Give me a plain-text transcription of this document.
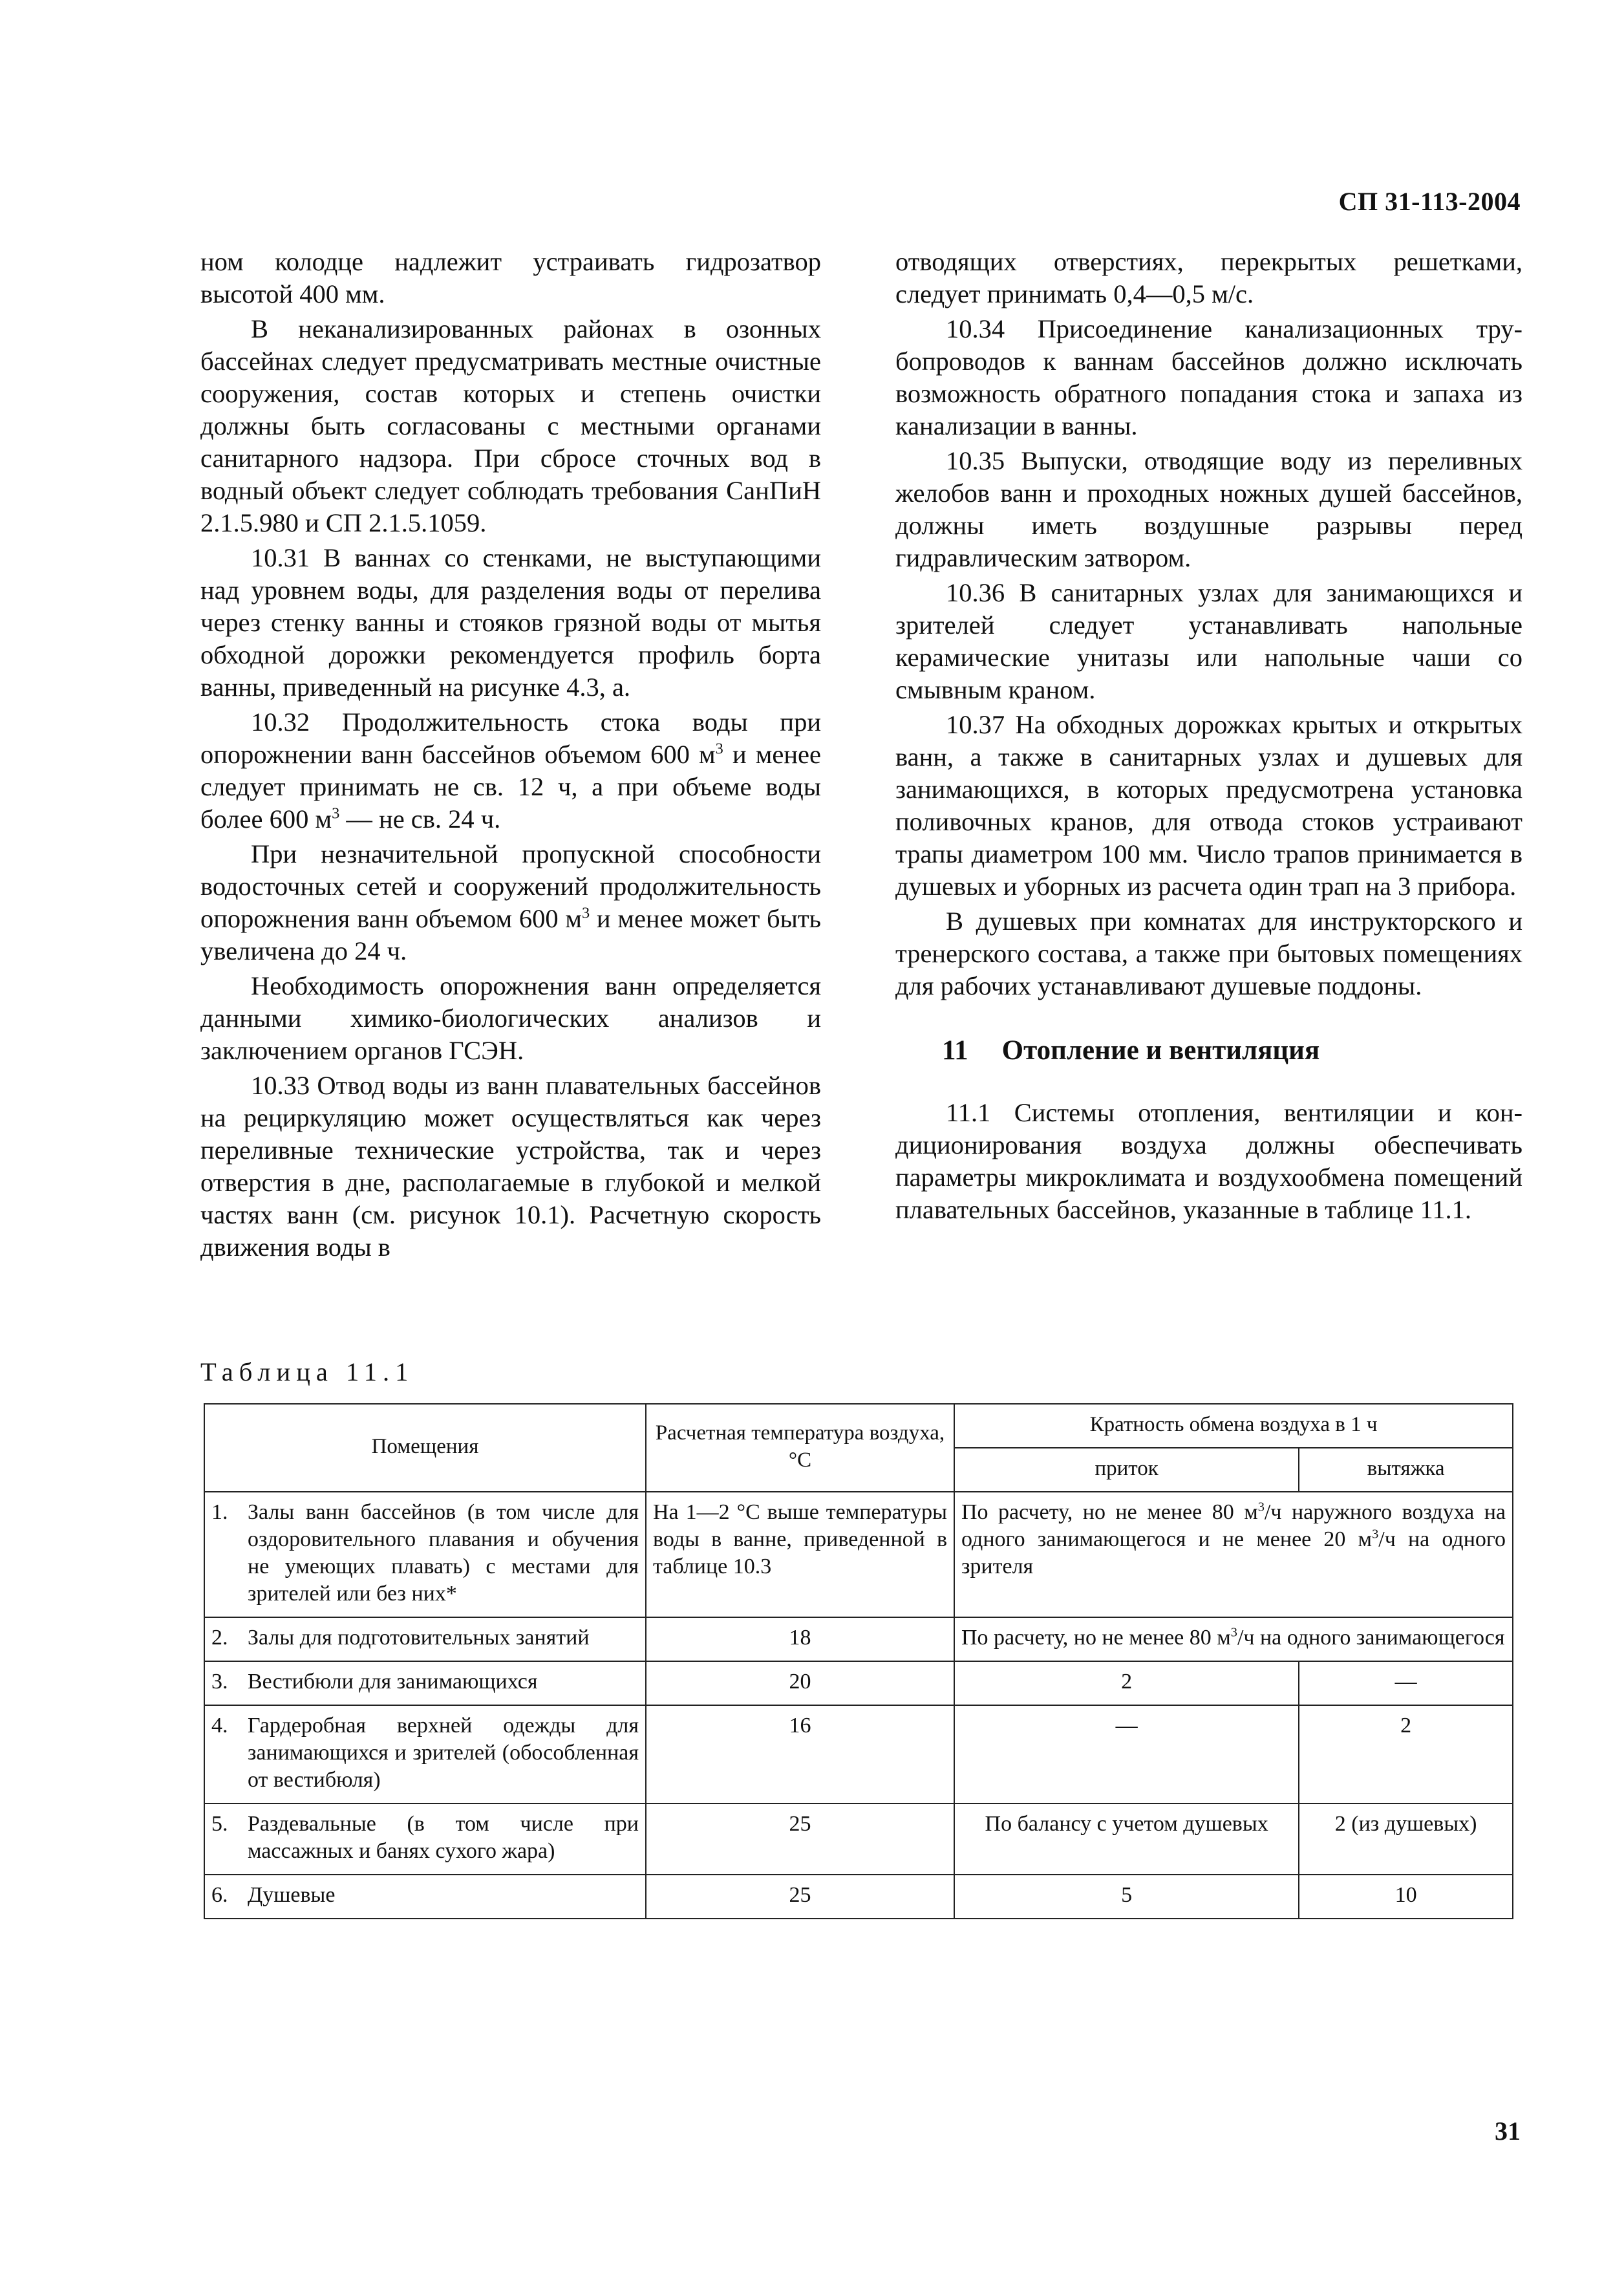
СП 31-113-2004

ном колодце надлежит устраивать гидрозатвор высотой 400 мм.

В неканализированных районах в озонных бассейнах следует предусматривать местные очистные сооружения, состав которых и степень очистки должны быть согласованы с местными органами санитарного надзора. При сбросе сточных вод в водный объект следует соблюдать требования СанПиН 2.1.5.980 и СП 2.1.5.1059.

10.31 В ваннах со стенками, не выступающими над уровнем воды, для разделения воды от перелива через стенку ванны и стояков грязной воды от мытья обходной дорожки рекомендуется профиль борта ванны, приведенный на рисунке 4.3, а.

10.32 Продолжительность стока воды при опорожнении ванн бассейнов объемом 600 $м^3$ и менее следует принимать не св. 12 ч, а при объеме воды более 600 $м^3$ — не св. 24 ч.

При незначительной пропускной способности водосточных сетей и сооружений продолжительность опорожнения ванн объемом 600 $м^3$ и менее может быть увеличена до 24 ч.

Необходимость опорожнения ванн определяется данными химико-биологических анализов и заключением органов ГСЭН.

10.33 Отвод воды из ванн плавательных бассейнов на рециркуляцию может осуществляться как через переливные технические устройства, так и через отверстия в дне, располагаемые в глубокой и мелкой частях ванн (см. рисунок 10.1). Расчетную скорость движения воды в

отводящих отверстиях, перекрытых решетками, следует принимать 0,4—0,5 м/с.

10.34 Присоединение канализационных трубопроводов к ваннам бассейнов должно исключать возможность обратного попадания стока и запаха из канализации в ванны.

10.35 Выпуски, отводящие воду из переливных желобов ванн и проходных ножных душей бассейнов, должны иметь воздушные разрывы перед гидравлическим затвором.

10.36 В санитарных узлах для занимающихся и зрителей следует устанавливать напольные керамические унитазы или напольные чаши со смывным краном.

10.37 На обходных дорожках крытых и открытых ванн, а также в санитарных узлах и душевых для занимающихся, в которых предусмотрена установка поливочных кранов, для отвода стоков устраивают трапы диаметром 100 мм. Число трапов принимается в душевых и уборных из расчета один трап на 3 прибора.

В душевых при комнатах для инструкторского и тренерского состава, а также при бытовых помещениях для рабочих устанавливают душевые поддоны.

11 Отопление и вентиляция

11.1 Системы отопления, вентиляции и кондиционирования воздуха должны обеспечивать параметры микроклимата и воздухообмена помещений плавательных бассейнов, указанные в таблице 11.1.

Таблица 11.1
Помещения		Расчетная температура воздуха, °С	Кратность обмена воздуха в 1 ч	
			приток	вытяжка
1.	Залы ванн бассейнов (в том числе для оздоровительного плавания и обучения не умеющих плавать) с местами для зрителей или без них*	На 1—2 °С выше температуры воды в ванне, приведенной в таблице 10.3	По расчету, но не менее 80 $м^3/ч$ наружного воздуха на одного занимающегося и не менее 20 $м^3/ч$ на одного зрителя	
2.	Залы для подготовительных занятий	18	По расчету, но не менее 80 $м^3/ч$ на одного занимающегося	
3.	Вестибюли для занимающихся	20	2	—
4.	Гардеробная верхней одежды для занимающихся и зрителей (обособленная от вестибюля)	16	—	2
5.	Раздевальные (в том числе при массажных и банях сухого жара)	25	По балансу с учетом душевых	2 (из душевых)
6.	Душевые	25	5	10
31
